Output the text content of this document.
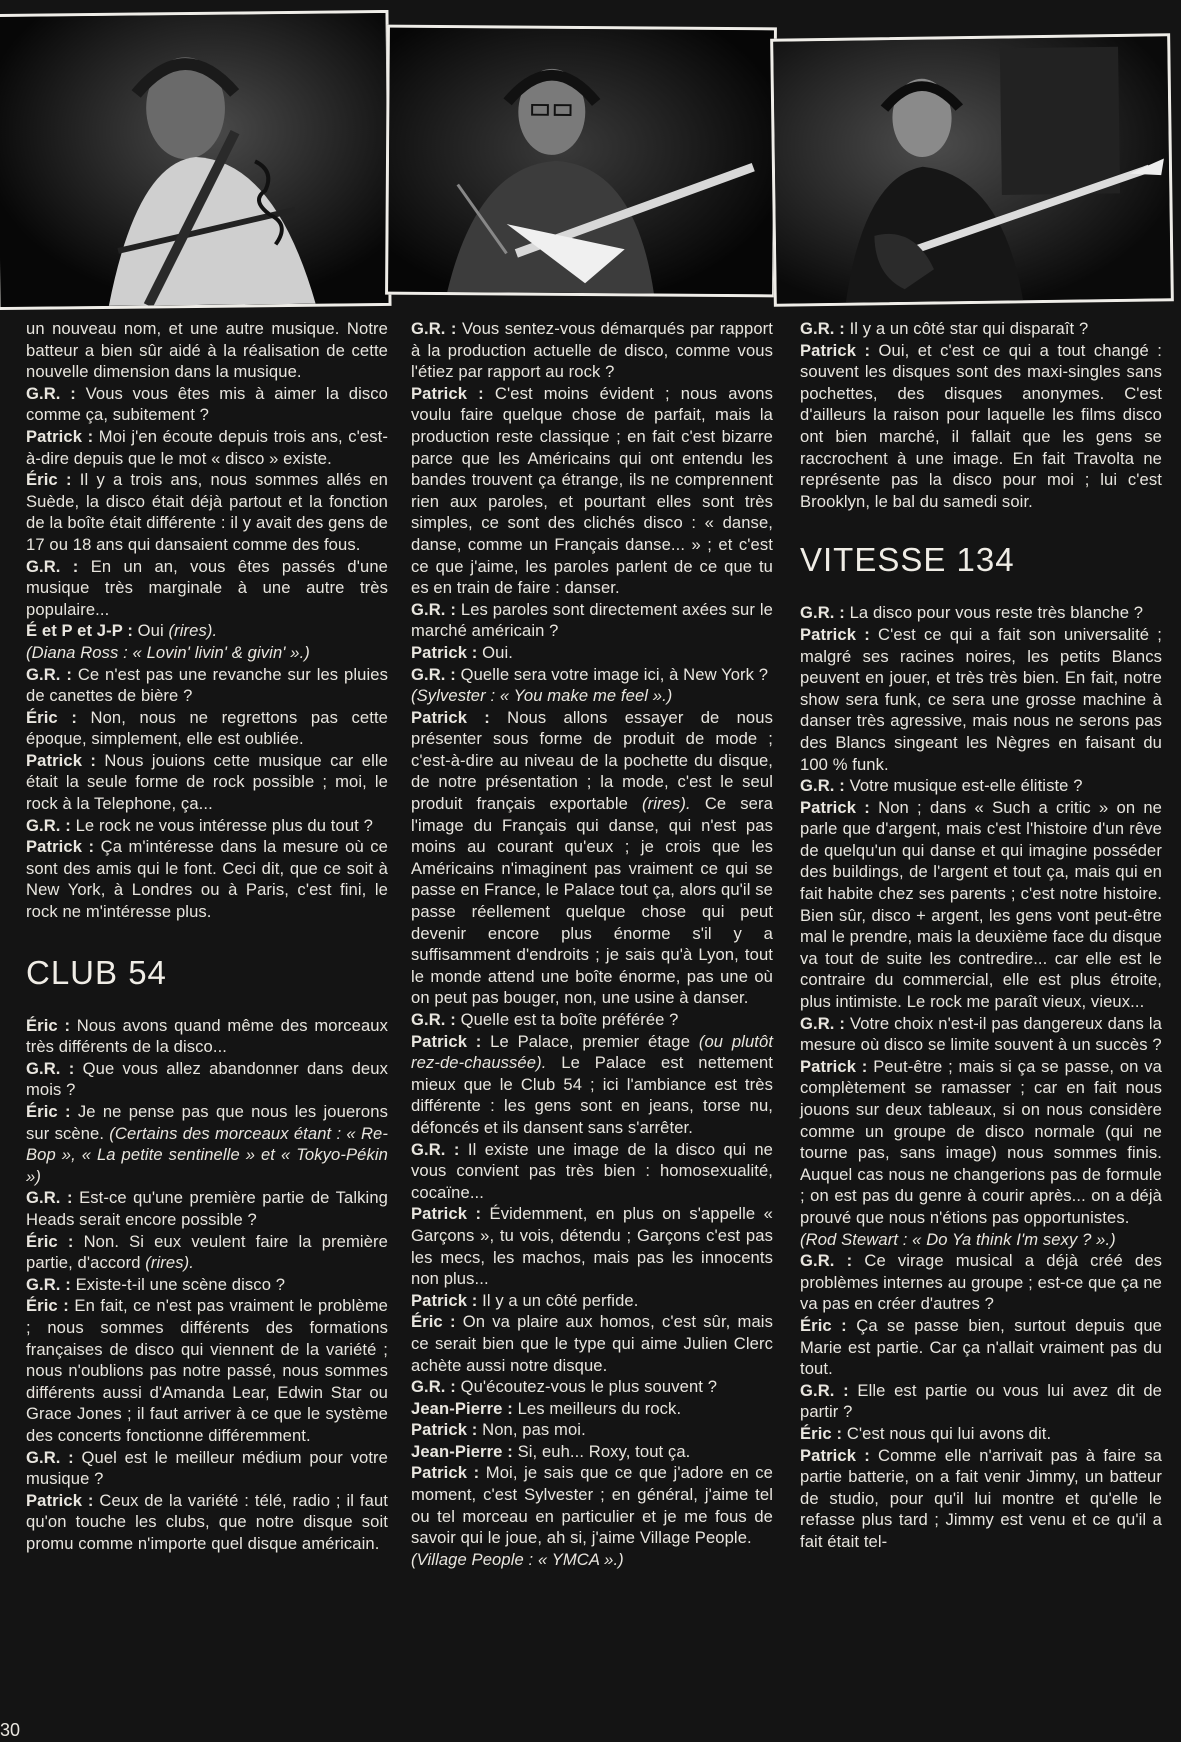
un nouveau nom, et une autre musique. Notre batteur a bien sûr aidé à la réalisation de cette nouvelle dimension dans la musique.

G.R. : Vous vous êtes mis à aimer la disco comme ça, subitement ?

Patrick : Moi j'en écoute depuis trois ans, c'est-à-dire depuis que le mot « disco » existe.

Éric : Il y a trois ans, nous sommes allés en Suède, la disco était déjà partout et la fonction de la boîte était différente : il y avait des gens de 17 ou 18 ans qui dansaient comme des fous.

G.R. : En un an, vous êtes passés d'une musique très marginale à une autre très populaire...

É et P et J-P : Oui (rires).

(Diana Ross : « Lovin' livin' & givin' ».)

G.R. : Ce n'est pas une revanche sur les pluies de canettes de bière ?

Éric : Non, nous ne regrettons pas cette époque, simplement, elle est oubliée.

Patrick : Nous jouions cette musique car elle était la seule forme de rock possible ; moi, le rock à la Telephone, ça...

G.R. : Le rock ne vous intéresse plus du tout ?

Patrick : Ça m'intéresse dans la mesure où ce sont des amis qui le font. Ceci dit, que ce soit à New York, à Londres ou à Paris, c'est fini, le rock ne m'intéresse plus.

CLUB 54

Éric : Nous avons quand même des morceaux très différents de la disco...

G.R. : Que vous allez abandonner dans deux mois ?

Éric : Je ne pense pas que nous les jouerons sur scène. (Certains des morceaux étant : « Re-Bop », « La petite sentinelle » et « Tokyo-Pékin »)

G.R. : Est-ce qu'une première partie de Talking Heads serait encore possible ?

Éric : Non. Si eux veulent faire la première partie, d'accord (rires).

G.R. : Existe-t-il une scène disco ?

Éric : En fait, ce n'est pas vraiment le problème ; nous sommes différents des formations françaises de disco qui viennent de la variété ; nous n'oublions pas notre passé, nous sommes différents aussi d'Amanda Lear, Edwin Star ou Grace Jones ; il faut arriver à ce que le système des concerts fonctionne différemment.

G.R. : Quel est le meilleur médium pour votre musique ?

Patrick : Ceux de la variété : télé, radio ; il faut qu'on touche les clubs, que notre disque soit promu comme n'importe quel disque américain.

G.R. : Vous sentez-vous démarqués par rapport à la production actuelle de disco, comme vous l'étiez par rapport au rock ?

Patrick : C'est moins évident ; nous avons voulu faire quelque chose de parfait, mais la production reste classique ; en fait c'est bizarre parce que les Américains qui ont entendu les bandes trouvent ça étrange, ils ne comprennent rien aux paroles, et pourtant elles sont très simples, ce sont des clichés disco : « danse, danse, comme un Français danse... » ; et c'est ce que j'aime, les paroles parlent de ce que tu es en train de faire : danser.

G.R. : Les paroles sont directement axées sur le marché américain ?

Patrick : Oui.

G.R. : Quelle sera votre image ici, à New York ?

(Sylvester : « You make me feel ».)

Patrick : Nous allons essayer de nous présenter sous forme de produit de mode ; c'est-à-dire au niveau de la pochette du disque, de notre présentation ; la mode, c'est le seul produit français exportable (rires). Ce sera l'image du Français qui danse, qui n'est pas moins au courant qu'eux ; je crois que les Américains n'imaginent pas vraiment ce qui se passe en France, le Palace tout ça, alors qu'il se passe réellement quelque chose qui peut devenir encore plus énorme s'il y a suffisamment d'endroits ; je sais qu'à Lyon, tout le monde attend une boîte énorme, pas une où on peut pas bouger, non, une usine à danser.

G.R. : Quelle est ta boîte préférée ?

Patrick : Le Palace, premier étage (ou plutôt rez-de-chaussée). Le Palace est nettement mieux que le Club 54 ; ici l'ambiance est très différente : les gens sont en jeans, torse nu, défoncés et ils dansent sans s'arrêter.

G.R. : Il existe une image de la disco qui ne vous convient pas très bien : homosexualité, cocaïne...

Patrick : Évidemment, en plus on s'appelle « Garçons », tu vois, détendu ; Garçons c'est pas les mecs, les machos, mais pas les innocents non plus...

Patrick : Il y a un côté perfide.

Éric : On va plaire aux homos, c'est sûr, mais ce serait bien que le type qui aime Julien Clerc achète aussi notre disque.

G.R. : Qu'écoutez-vous le plus souvent ?

Jean-Pierre : Les meilleurs du rock.

Patrick : Non, pas moi.

Jean-Pierre : Si, euh... Roxy, tout ça.

Patrick : Moi, je sais que ce que j'adore en ce moment, c'est Sylvester ; en général, j'aime tel ou tel morceau en particulier et je me fous de savoir qui le joue, ah si, j'aime Village People.

(Village People : « YMCA ».)

G.R. : Il y a un côté star qui disparaît ?

Patrick : Oui, et c'est ce qui a tout changé : souvent les disques sont des maxi-singles sans pochettes, des disques anonymes. C'est d'ailleurs la raison pour laquelle les films disco ont bien marché, il fallait que les gens se raccrochent à une image. En fait Travolta ne représente pas la disco pour moi ; lui c'est Brooklyn, le bal du samedi soir.

VITESSE 134

G.R. : La disco pour vous reste très blanche ?

Patrick : C'est ce qui a fait son universalité ; malgré ses racines noires, les petits Blancs peuvent en jouer, et très très bien. En fait, notre show sera funk, ce sera une grosse machine à danser très agressive, mais nous ne serons pas des Blancs singeant les Nègres en faisant du 100 % funk.

G.R. : Votre musique est-elle élitiste ?

Patrick : Non ; dans « Such a critic » on ne parle que d'argent, mais c'est l'histoire d'un rêve de quelqu'un qui danse et qui imagine posséder des buildings, de l'argent et tout ça, mais qui en fait habite chez ses parents ; c'est notre histoire. Bien sûr, disco + argent, les gens vont peut-être mal le prendre, mais la deuxième face du disque va tout de suite les contredire... car elle est le contraire du commercial, elle est plus étroite, plus intimiste. Le rock me paraît vieux, vieux...

G.R. : Votre choix n'est-il pas dangereux dans la mesure où disco se limite souvent à un succès ?

Patrick : Peut-être ; mais si ça se passe, on va complètement se ramasser ; car en fait nous jouons sur deux tableaux, si on nous considère comme un groupe de disco normale (qui ne tourne pas, sans image) nous sommes finis. Auquel cas nous ne changerions pas de formule ; on est pas du genre à courir après... on a déjà prouvé que nous n'étions pas opportunistes.

(Rod Stewart : « Do Ya think I'm sexy ? ».)

G.R. : Ce virage musical a déjà créé des problèmes internes au groupe ; est-ce que ça ne va pas en créer d'autres ?

Éric : Ça se passe bien, surtout depuis que Marie est partie. Car ça n'allait vraiment pas du tout.

G.R. : Elle est partie ou vous lui avez dit de partir ?

Éric : C'est nous qui lui avons dit.

Patrick : Comme elle n'arrivait pas à faire sa partie batterie, on a fait venir Jimmy, un batteur de studio, pour qu'il lui montre et qu'elle le refasse plus tard ; Jimmy est venu et ce qu'il a fait était tel-

30
